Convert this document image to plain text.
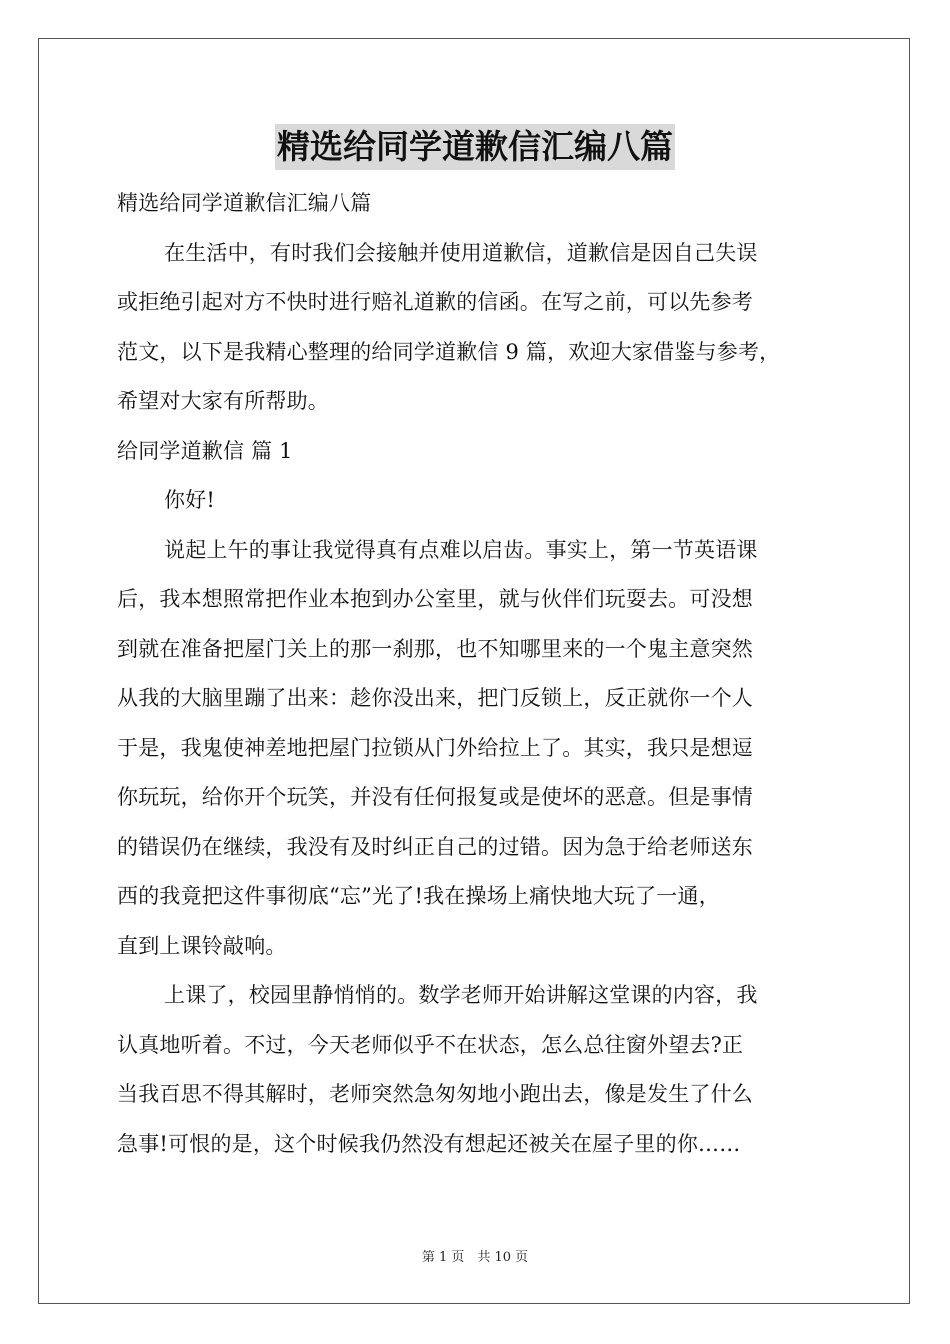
精选给同学道歉信汇编八篇

精选给同学道歉信汇编八篇

在生活中，有时我们会接触并使用道歉信，道歉信是因自己失误

或拒绝引起对方不快时进行赔礼道歉的信函。在写之前，可以先参考

范文，以下是我精心整理的给同学道歉信 9 篇，欢迎大家借鉴与参考，

希望对大家有所帮助。

给同学道歉信 篇 1

你好!

说起上午的事让我觉得真有点难以启齿。事实上，第一节英语课

后，我本想照常把作业本抱到办公室里，就与伙伴们玩耍去。可没想

到就在准备把屋门关上的那一刹那，也不知哪里来的一个鬼主意突然

从我的大脑里蹦了出来：趁你没出来，把门反锁上，反正就你一个人

于是，我鬼使神差地把屋门拉锁从门外给拉上了。其实，我只是想逗

你玩玩，给你开个玩笑，并没有任何报复或是使坏的恶意。但是事情

的错误仍在继续，我没有及时纠正自己的过错。因为急于给老师送东

西的我竟把这件事彻底“忘”光了!我在操场上痛快地大玩了一通，

直到上课铃敲响。

上课了，校园里静悄悄的。数学老师开始讲解这堂课的内容，我

认真地听着。不过，今天老师似乎不在状态，怎么总往窗外望去?正

当我百思不得其解时，老师突然急匆匆地小跑出去，像是发生了什么

急事!可恨的是，这个时候我仍然没有想起还被关在屋子里的你……

第 1 页　共 10 页
